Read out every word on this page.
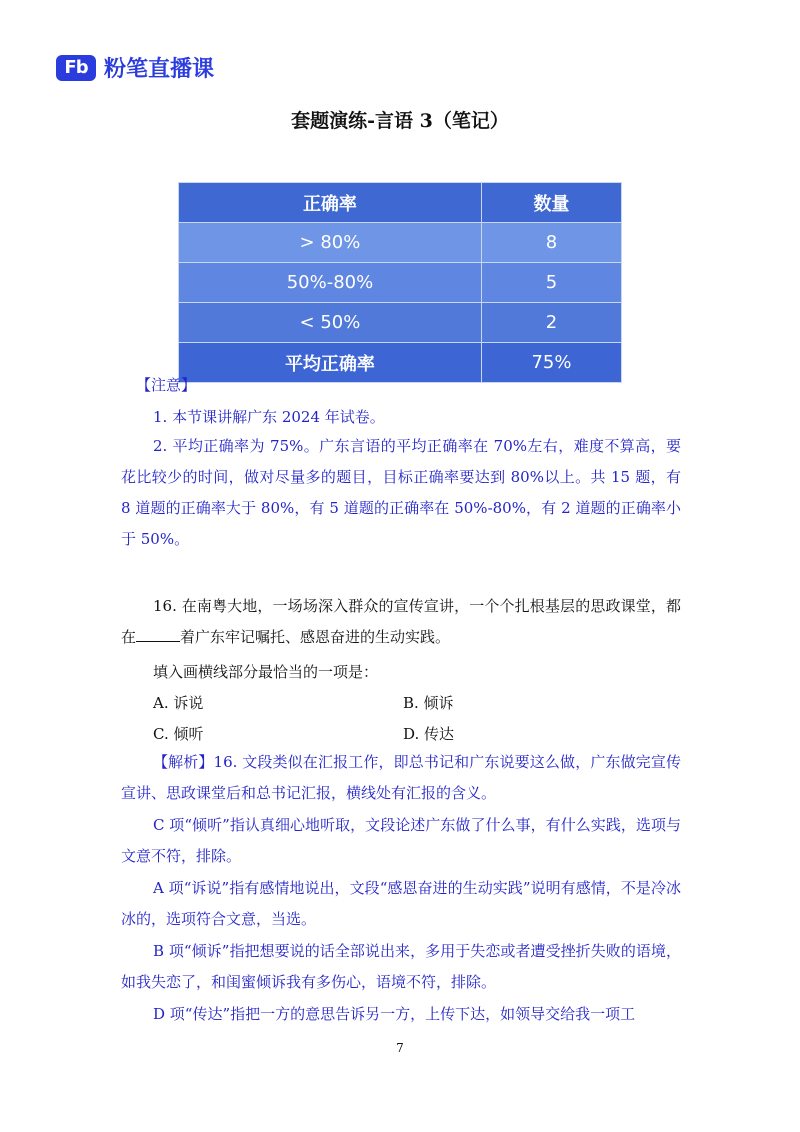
Fb 粉笔直播课
套题演练-言语 3（笔记）
正确率	数量
> 80%	8
50%-80%	5
< 50%	2
平均正确率	75%
【注意】
1. 本节课讲解广东 2024 年试卷。
2. 平均正确率为 75%。广东言语的平均正确率在 70%左右，难度不算高，要花比较少的时间，做对尽量多的题目，目标正确率要达到 80%以上。共 15 题，有 8 道题的正确率大于 80%，有 5 道题的正确率在 50%-80%，有 2 道题的正确率小于 50%。
16. 在南粤大地，一场场深入群众的宣传宣讲，一个个扎根基层的思政课堂，都在	着广东牢记嘱托、感恩奋进的生动实践。
填入画横线部分最恰当的一项是：
A. 诉说	B. 倾诉
C. 倾听	D. 传达
【解析】16. 文段类似在汇报工作，即总书记和广东说要这么做，广东做完宣传宣讲、思政课堂后和总书记汇报，横线处有汇报的含义。
C 项“倾听”指认真细心地听取，文段论述广东做了什么事，有什么实践，选项与文意不符，排除。
A 项“诉说”指有感情地说出，文段“感恩奋进的生动实践”说明有感情，不是冷冰冰的，选项符合文意，当选。
B 项“倾诉”指把想要说的话全部说出来，多用于失恋或者遭受挫折失败的语境，如我失恋了，和闺蜜倾诉我有多伤心，语境不符，排除。
D 项“传达”指把一方的意思告诉另一方，上传下达，如领导交给我一项工
7
